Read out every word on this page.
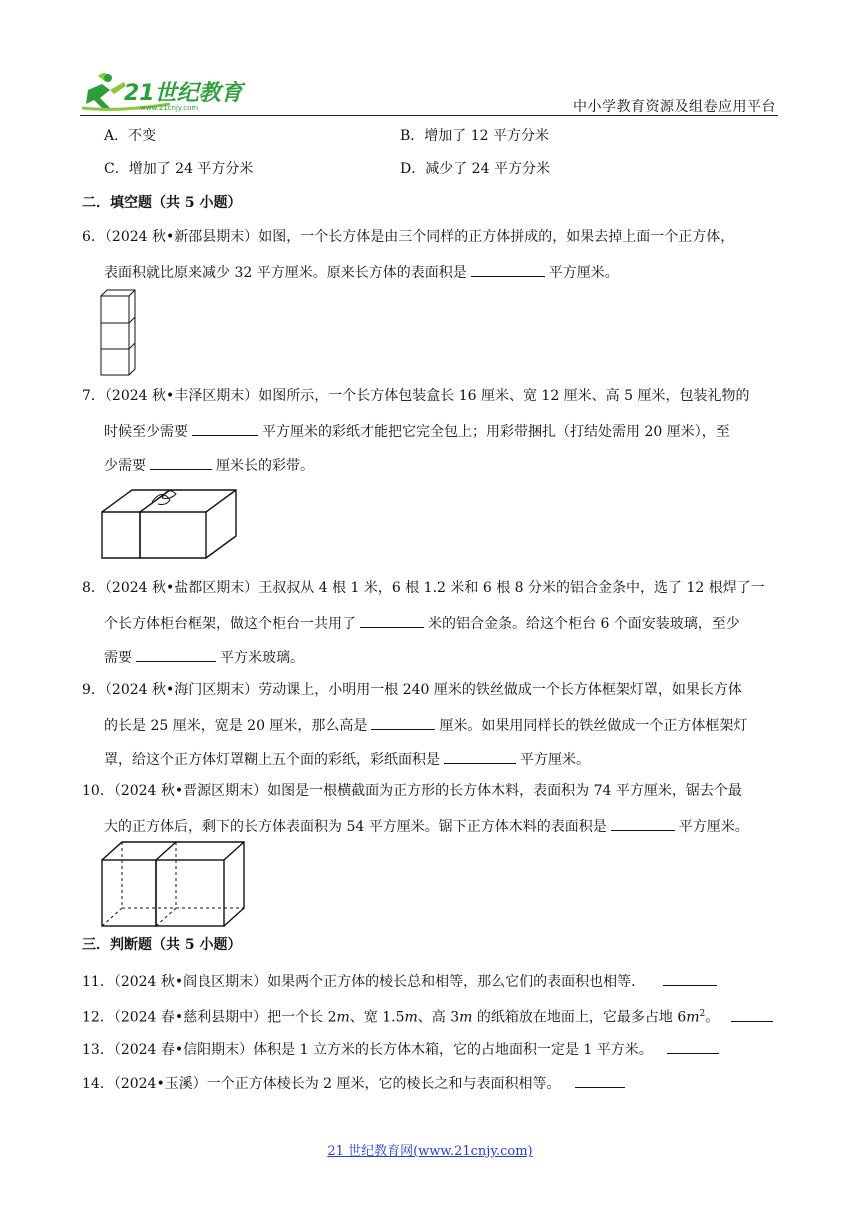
21世纪教育
www.21cnjy.com	中小学教育资源及组卷应用平台
A．不变	B．增加了 12 平方分米
C．增加了 24 平方分米	D．减少了 24 平方分米
二．填空题（共 5 小题）
6．（2024 秋•新邵县期末）如图，一个长方体是由三个同样的正方体拼成的，如果去掉上面一个正方体，
表面积就比原来减少 32 平方厘米。原来长方体的表面积是	平方厘米。
7．（2024 秋•丰泽区期末）如图所示，一个长方体包装盒长 16 厘米、宽 12 厘米、高 5 厘米，包装礼物的
时候至少需要	平方厘米的彩纸才能把它完全包上；用彩带捆扎（打结处需用 20 厘米），至
少需要	厘米长的彩带。
8．（2024 秋•盐都区期末）王叔叔从 4 根 1 米，6 根 1.2 米和 6 根 8 分米的铝合金条中，选了 12 根焊了一
个长方体柜台框架，做这个柜台一共用了	米的铝合金条。给这个柜台 6 个面安装玻璃，至少
需要	平方米玻璃。
9．（2024 秋•海门区期末）劳动课上，小明用一根 240 厘米的铁丝做成一个长方体框架灯罩，如果长方体
的长是 25 厘米，宽是 20 厘米，那么高是	厘米。如果用同样长的铁丝做成一个正方体框架灯
罩，给这个正方体灯罩糊上五个面的彩纸，彩纸面积是	平方厘米。
10．（2024 秋•晋源区期末）如图是一根横截面为正方形的长方体木料，表面积为 74 平方厘米，锯去个最
大的正方体后，剩下的长方体表面积为 54 平方厘米。锯下正方体木料的表面积是	平方厘米。
三．判断题（共 5 小题）
11．（2024 秋•阎良区期末）如果两个正方体的棱长总和相等，那么它们的表面积也相等．
12．（2024 春•慈利县期中）把一个长 2m、宽 1.5m、高 3m 的纸箱放在地面上，它最多占地 $6m^2$。
13．（2024 春•信阳期末）体积是 1 立方米的长方体木箱，它的占地面积一定是 1 平方米。
14．（2024•玉溪）一个正方体棱长为 2 厘米，它的棱长之和与表面积相等。
21 世纪教育网(www.21cnjy.com)
